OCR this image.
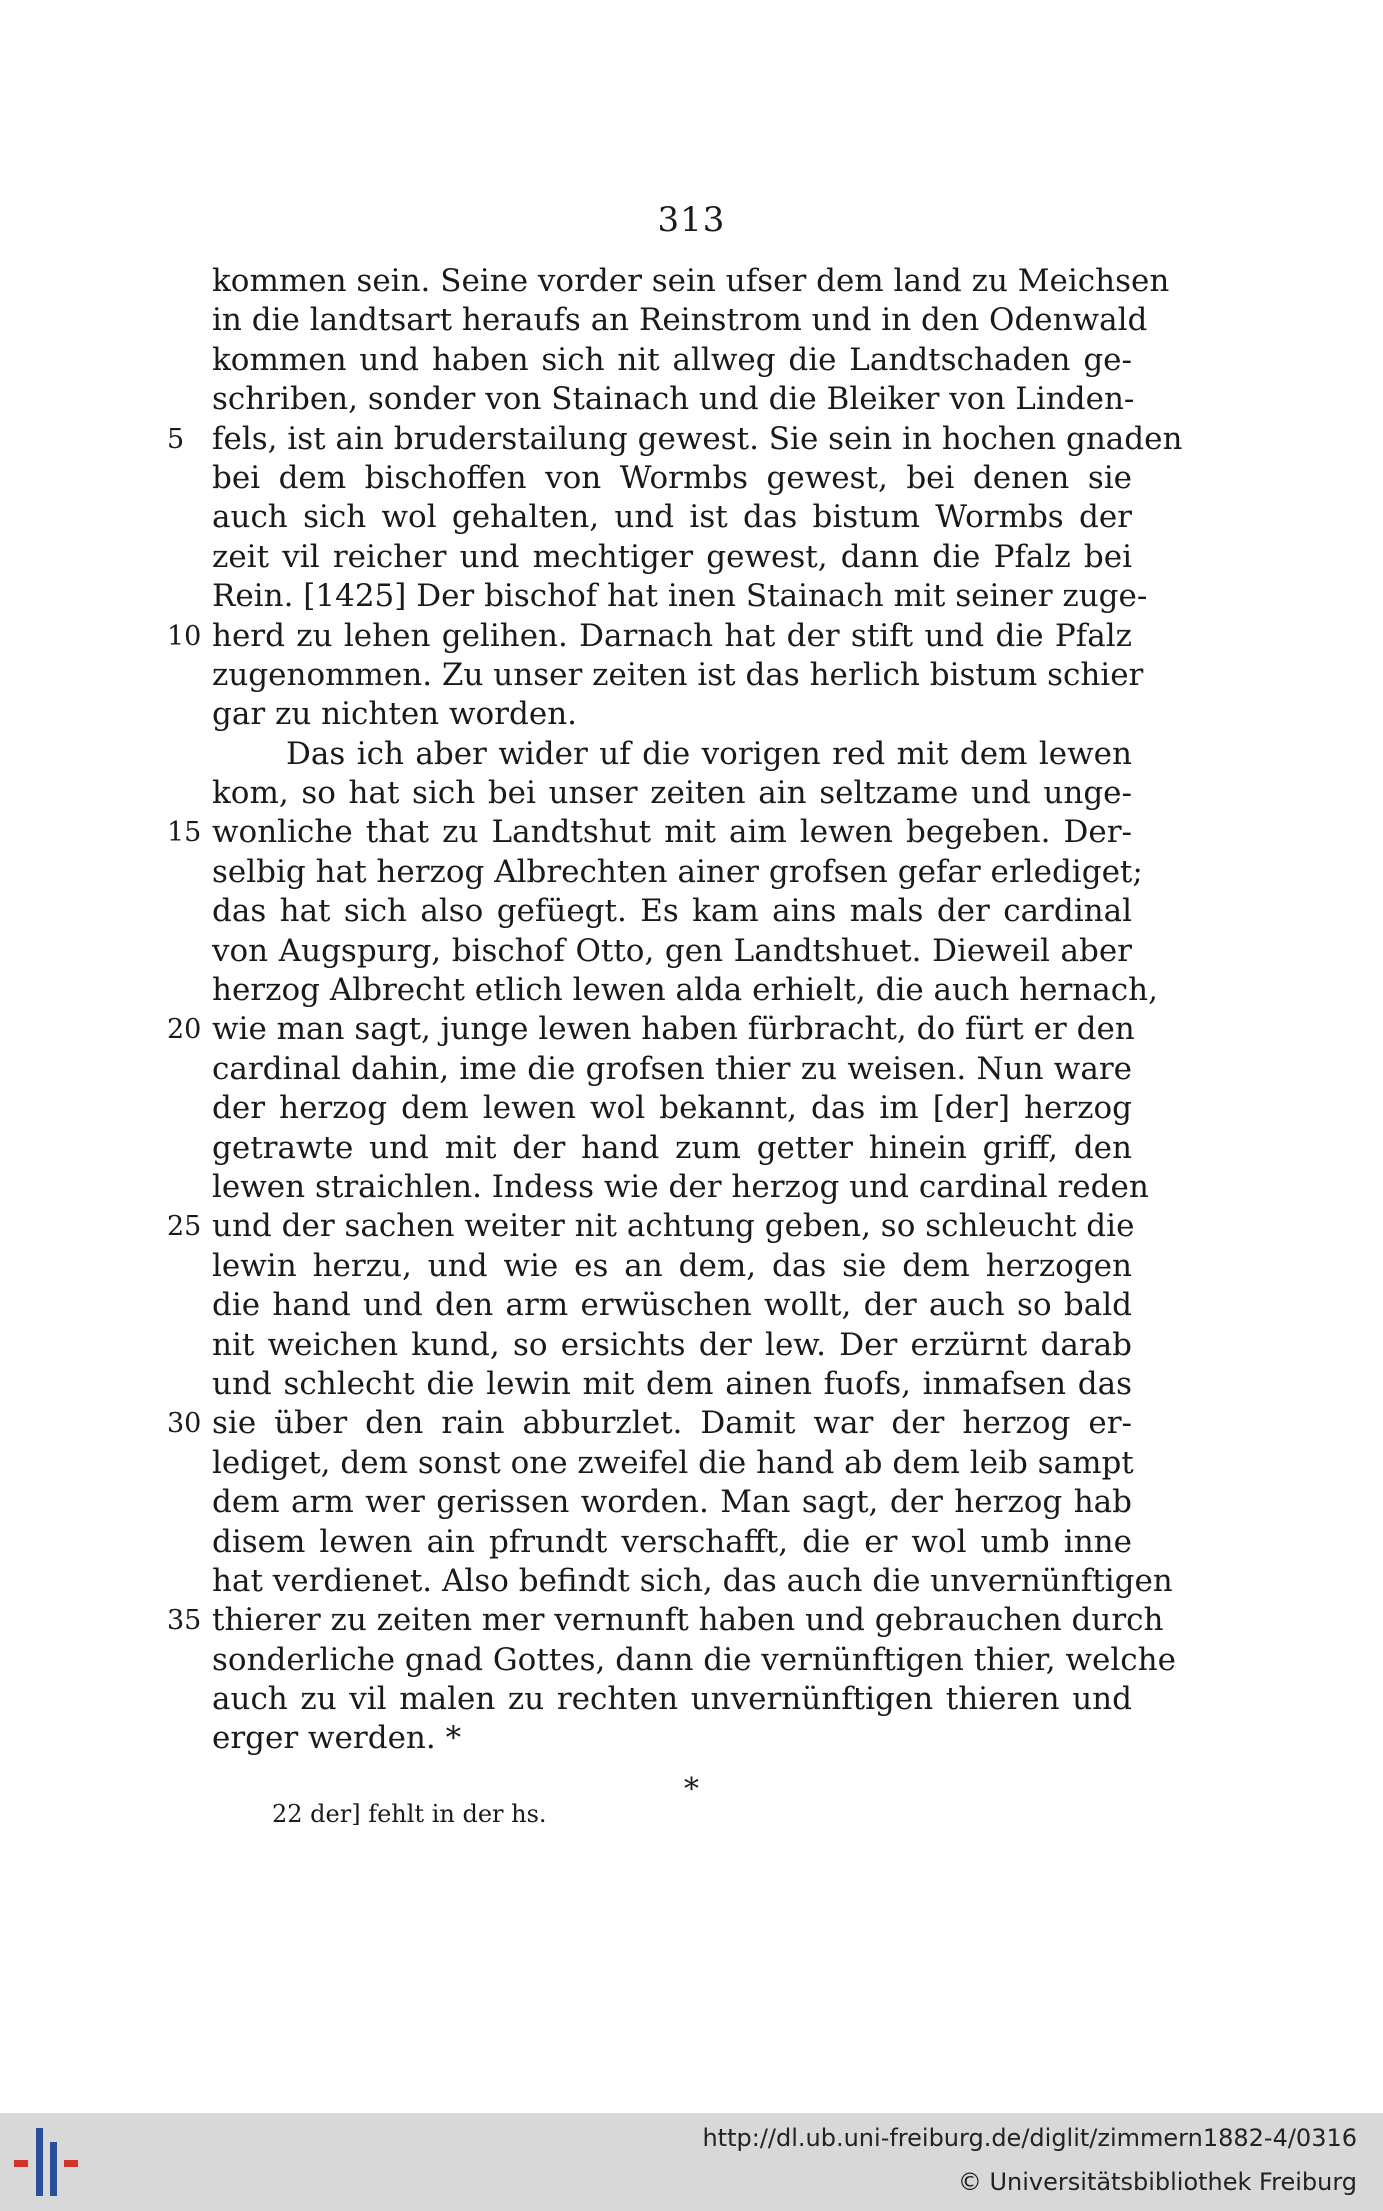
313
kommen sein. Seine vorder sein ufser dem land zu Meichsen
in die landtsart heraufs an Reinstrom und in den Odenwald
kommen und haben sich nit allweg die Landtschaden ge-
schriben, sonder von Stainach und die Bleiker von Linden-
fels, ist ain bruderstailung gewest. Sie sein in hochen gnaden
5
bei dem bischoffen von Wormbs gewest, bei denen sie
auch sich wol gehalten, und ist das bistum Wormbs der
zeit vil reicher und mechtiger gewest, dann die Pfalz bei
Rein. [1425] Der bischof hat inen Stainach mit seiner zuge-
herd zu lehen gelihen. Darnach hat der stift und die Pfalz
10
zugenommen. Zu unser zeiten ist das herlich bistum schier
gar zu nichten worden.
Das ich aber wider uf die vorigen red mit dem lewen
kom, so hat sich bei unser zeiten ain seltzame und unge-
wonliche that zu Landtshut mit aim lewen begeben. Der-
15
selbig hat herzog Albrechten ainer grofsen gefar erlediget;
das hat sich also gefüegt. Es kam ains mals der cardinal
von Augspurg, bischof Otto, gen Landtshuet. Dieweil aber
herzog Albrecht etlich lewen alda erhielt, die auch hernach,
wie man sagt, junge lewen haben fürbracht, do fürt er den
20
cardinal dahin, ime die grofsen thier zu weisen. Nun ware
der herzog dem lewen wol bekannt, das im [der] herzog
getrawte und mit der hand zum getter hinein griff, den
lewen straichlen. Indess wie der herzog und cardinal reden
und der sachen weiter nit achtung geben, so schleucht die
25
lewin herzu, und wie es an dem, das sie dem herzogen
die hand und den arm erwüschen wollt, der auch so bald
nit weichen kund, so ersichts der lew. Der erzürnt darab
und schlecht die lewin mit dem ainen fuofs, inmafsen das
sie über den rain abburzlet. Damit war der herzog er-
30
lediget, dem sonst one zweifel die hand ab dem leib sampt
dem arm wer gerissen worden. Man sagt, der herzog hab
disem lewen ain pfrundt verschafft, die er wol umb inne
hat verdienet. Also befindt sich, das auch die unvernünftigen
thierer zu zeiten mer vernunft haben und gebrauchen durch
35
sonderliche gnad Gottes, dann die vernünftigen thier, welche
auch zu vil malen zu rechten unvernünftigen thieren und
erger werden. *
*
22 der] fehlt in der hs.
http://dl.ub.uni-freiburg.de/diglit/zimmern1882-4/0316
© Universitätsbibliothek Freiburg
